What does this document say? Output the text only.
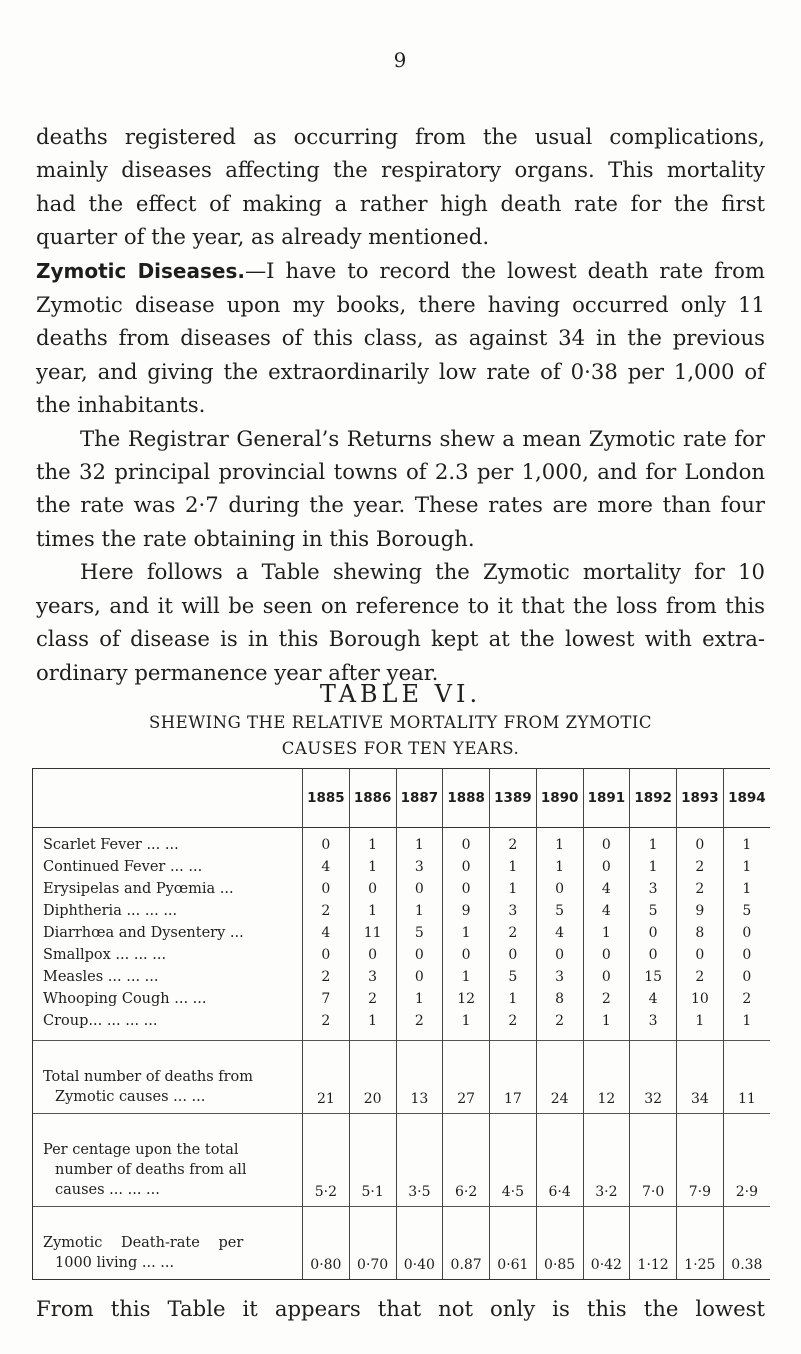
9

deaths registered as occurring from the usual complications, mainly diseases affecting the respiratory organs. This mortality had the effect of making a rather high death rate for the first quarter of the year, as already mentioned.

Zymotic Diseases.—I have to record the lowest death rate from Zymotic disease upon my books, there having occurred only 11 deaths from diseases of this class, as against 34 in the previous year, and giving the extraordinarily low rate of 0·38 per 1,000 of the inhabitants.

The Registrar General’s Returns shew a mean Zymotic rate for the 32 principal provincial towns of 2.3 per 1,000, and for London the rate was 2·7 during the year. These rates are more than four times the rate obtaining in this Borough.

Here follows a Table shewing the Zymotic mortality for 10 years, and it will be seen on reference to it that the loss from this class of disease is in this Borough kept at the lowest with extra-ordinary permanence year after year.

TABLE VI.
SHEWING THE RELATIVE MORTALITY FROM ZYMOTIC
CAUSES FOR TEN YEARS.
	1885	1886	1887	1888	1389	1890	1891	1892	1893	1894
Scarlet Fever ... ...	0	1	1	0	2	1	0	1	0	1
Continued Fever ... ...	4	1	3	0	1	1	0	1	2	1
Erysipelas and Pyœmia ...	0	0	0	0	1	0	4	3	2	1
Diphtheria ... ... ...	2	1	1	9	3	5	4	5	9	5
Diarrhœa and Dysentery ...	4	11	5	1	2	4	1	0	8	0
Smallpox ... ... ...	0	0	0	0	0	0	0	0	0	0
Measles ... ... ...	2	3	0	1	5	3	0	15	2	0
Whooping Cough ... ...	7	2	1	12	1	8	2	4	10	2
Croup... ... ... ...	2	1	2	1	2	2	1	3	1	1

Total number of deaths from
Zymotic causes ... ...	21	20	13	27	17	24	12	32	34	11

Per centage upon the total
number of deaths from all
causes ... ... ...	5·2	5·1	3·5	6·2	4·5	6·4	3·2	7·0	7·9	2·9

Zymotic Death-rate per
1000 living ... ...	0·80	0·70	0·40	0.87	0·61	0·85	0·42	1·12	1·25	0.38
From this Table it appears that not only is this the lowest
